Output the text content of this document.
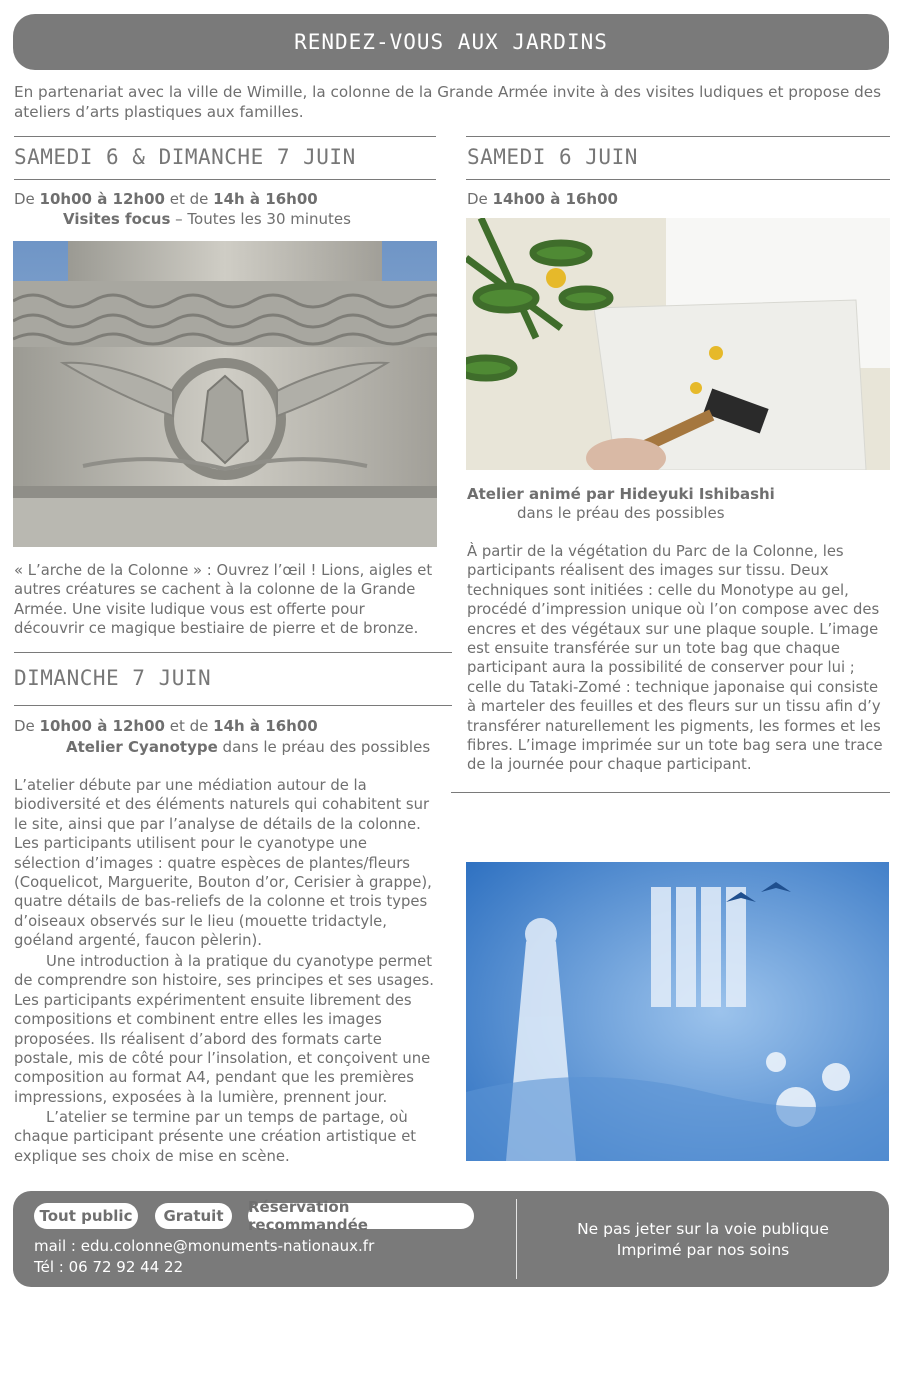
RENDEZ-VOUS AUX JARDINS
En partenariat avec la ville de Wimille, la colonne de la Grande Armée invite à des visites ludiques et propose des ateliers d’arts plastiques aux familles.
SAMEDI 6 & DIMANCHE 7 JUIN
De 10h00 à 12h00 et de 14h à 16h00
Visites focus – Toutes les 30 minutes
« L’arche de la Colonne » : Ouvrez l’œil ! Lions, aigles et autres créatures se cachent à la colonne de la Grande Armée. Une visite ludique vous est offerte pour découvrir ce magique bestiaire de pierre et de bronze.
DIMANCHE 7 JUIN
De 10h00 à 12h00 et de 14h à 16h00
Atelier Cyanotype dans le préau des possibles
L’atelier débute par une médiation autour de la biodiversité et des éléments naturels qui cohabitent sur le site, ainsi que par l’analyse de détails de la colonne. Les participants utilisent pour le cyanotype une sélection d’images : quatre espèces de plantes/fleurs (Coquelicot, Marguerite, Bouton d’or, Cerisier à grappe), quatre détails de bas-reliefs de la colonne et trois types d’oiseaux observés sur le lieu (mouette tridactyle, goéland argenté, faucon pèlerin).
Une introduction à la pratique du cyanotype permet de comprendre son histoire, ses principes et ses usages. Les participants expérimentent ensuite librement des compositions et combinent entre elles les images proposées. Ils réalisent d’abord des formats carte postale, mis de côté pour l’insolation, et conçoivent une composition au format A4, pendant que les premières impressions, exposées à la lumière, prennent jour.
L’atelier se termine par un temps de partage, où chaque participant présente une création artistique et explique ses choix de mise en scène.
SAMEDI 6 JUIN
De 14h00 à 16h00
Atelier animé par Hideyuki Ishibashi
dans le préau des possibles
À partir de la végétation du Parc de la Colonne, les participants réalisent des images sur tissu. Deux techniques sont initiées : celle du Monotype au gel, procédé d’impression unique où l’on compose avec des encres et des végétaux sur une plaque souple. L’image est ensuite transférée sur un tote bag que chaque participant aura la possibilité de conserver pour lui ; celle du Tataki-Zomé : technique japonaise qui consiste à marteler des feuilles et des fleurs sur un tissu afin d’y transférer naturellement les pigments, les formes et les fibres. L’image imprimée sur un tote bag sera une trace de la journée pour chaque participant.
Tout public	Gratuit	Réservation recommandée
mail : edu.colonne@monuments-nationaux.fr
Tél : 06 72 92 44 22
Ne pas jeter sur la voie publique
Imprimé par nos soins
